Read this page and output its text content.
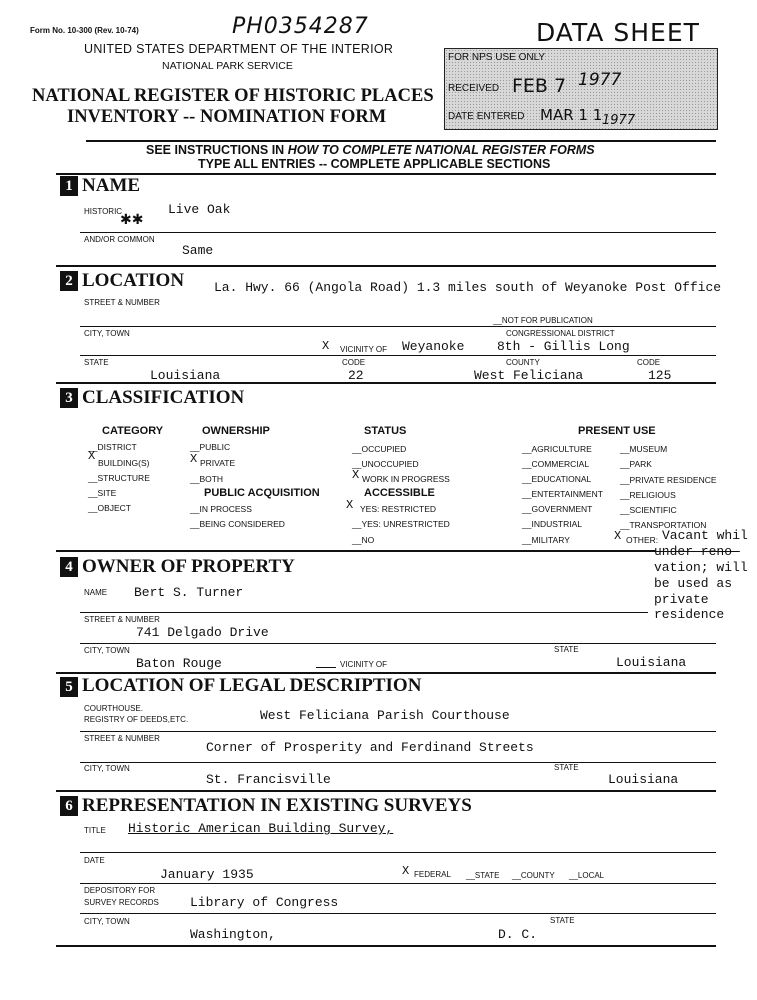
Form No. 10-300 (Rev. 10-74)	PH0354287
UNITED STATES DEPARTMENT OF THE INTERIOR
NATIONAL PARK SERVICE
NATIONAL REGISTER OF HISTORIC PLACES
INVENTORY -- NOMINATION FORM
DATA SHEET
FOR NPS USE ONLY
RECEIVED FEB 7 1977
DATE ENTERED MAR 1 1 1977
SEE INSTRUCTIONS IN HOW TO COMPLETE NATIONAL REGISTER FORMS
TYPE ALL ENTRIES -- COMPLETE APPLICABLE SECTIONS
1 NAME
HISTORIC	Live Oak
✱✱
AND/OR COMMON
Same
2 LOCATION
STREET & NUMBER
La. Hwy. 66 (Angola Road) 1.3 miles south of Weyanoke Post Office
__NOT FOR PUBLICATION
CITY, TOWN	CONGRESSIONAL DISTRICT
X VICINITY OF Weyanoke	8th - Gillis Long
STATE	CODE	COUNTY	CODE
Louisiana	22	West Feliciana	125
3 CLASSIFICATION
CATEGORY
__DISTRICT
X BUILDING(S)
__STRUCTURE
__SITE
__OBJECT
OWNERSHIP
__PUBLIC
X PRIVATE
__BOTH
PUBLIC ACQUISITION
__IN PROCESS
__BEING CONSIDERED
STATUS
__OCCUPIED
__UNOCCUPIED
X WORK IN PROGRESS
ACCESSIBLE
X YES: RESTRICTED
__YES: UNRESTRICTED
__NO
PRESENT USE
__AGRICULTURE
__COMMERCIAL
__EDUCATIONAL
__ENTERTAINMENT
__GOVERNMENT
__INDUSTRIAL
__MILITARY
__MUSEUM
__PARK
__PRIVATE RESIDENCE
__RELIGIOUS
__SCIENTIFIC
__TRANSPORTATION
X OTHER: Vacant whil
under reno-
vation; will
be used as
private
residence
4 OWNER OF PROPERTY
NAME Bert S. Turner
STREET & NUMBER
741 Delgado Drive
CITY, TOWN	STATE
Baton Rouge	VICINITY OF	Louisiana
5 LOCATION OF LEGAL DESCRIPTION
COURTHOUSE.
REGISTRY OF DEEDS,ETC.	West Feliciana Parish Courthouse
STREET & NUMBER
Corner of Prosperity and Ferdinand Streets
CITY, TOWN	STATE
St. Francisville	Louisiana
6 REPRESENTATION IN EXISTING SURVEYS
TITLE Historic American Building Survey,
DATE
January 1935	X FEDERAL __STATE __COUNTY __LOCAL
DEPOSITORY FOR
SURVEY RECORDS Library of Congress
CITY, TOWN	STATE
Washington,	D. C.
